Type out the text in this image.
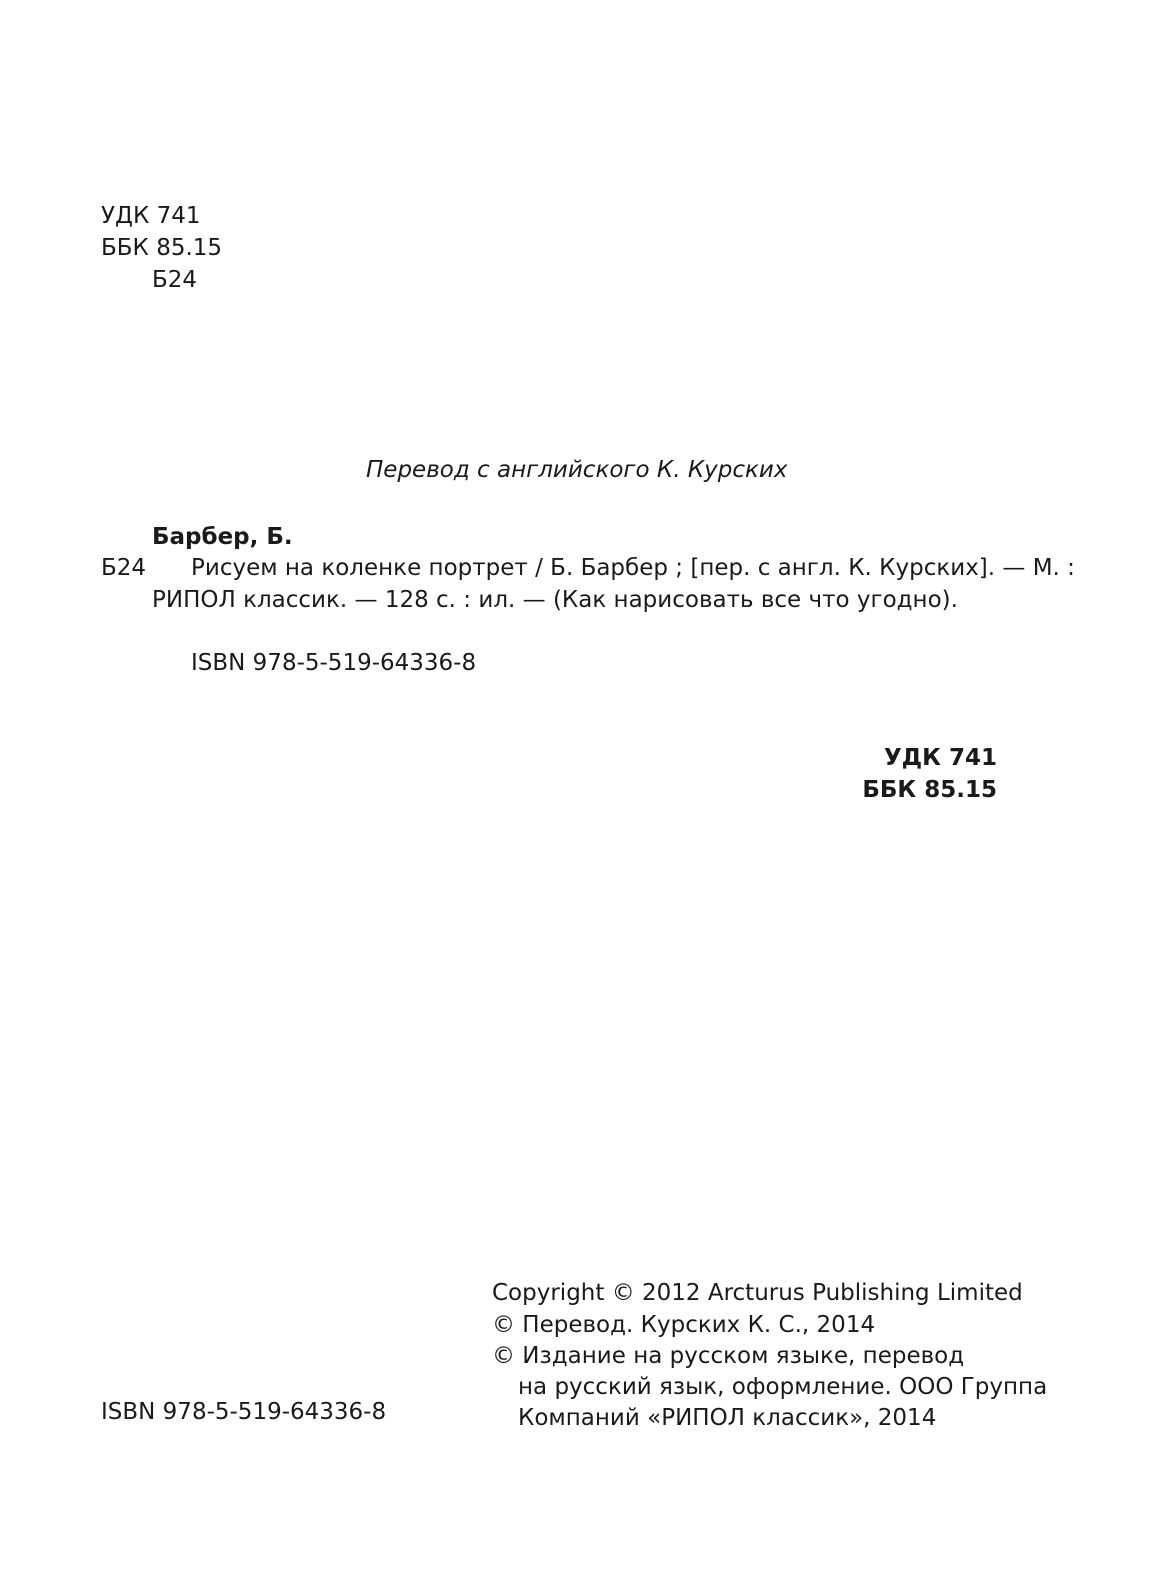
УДК 741
ББК 85.15
Б24
Перевод с английского К. Курских
Барбер, Б.
Б24 Рисуем на коленке портрет / Б. Барбер ; [пер. с англ. К. Курских]. — М. :
РИПОЛ классик. — 128 с. : ил. — (Как нарисовать все что угодно).
ISBN 978-5-519-64336-8
УДК 741
ББК 85.15
ISBN 978-5-519-64336-8
Copyright © 2012 Arcturus Publishing Limited
© Перевод. Курских К. С., 2014
© Издание на русском языке, перевод
на русский язык, оформление. ООО Группа
Компаний «РИПОЛ классик», 2014
